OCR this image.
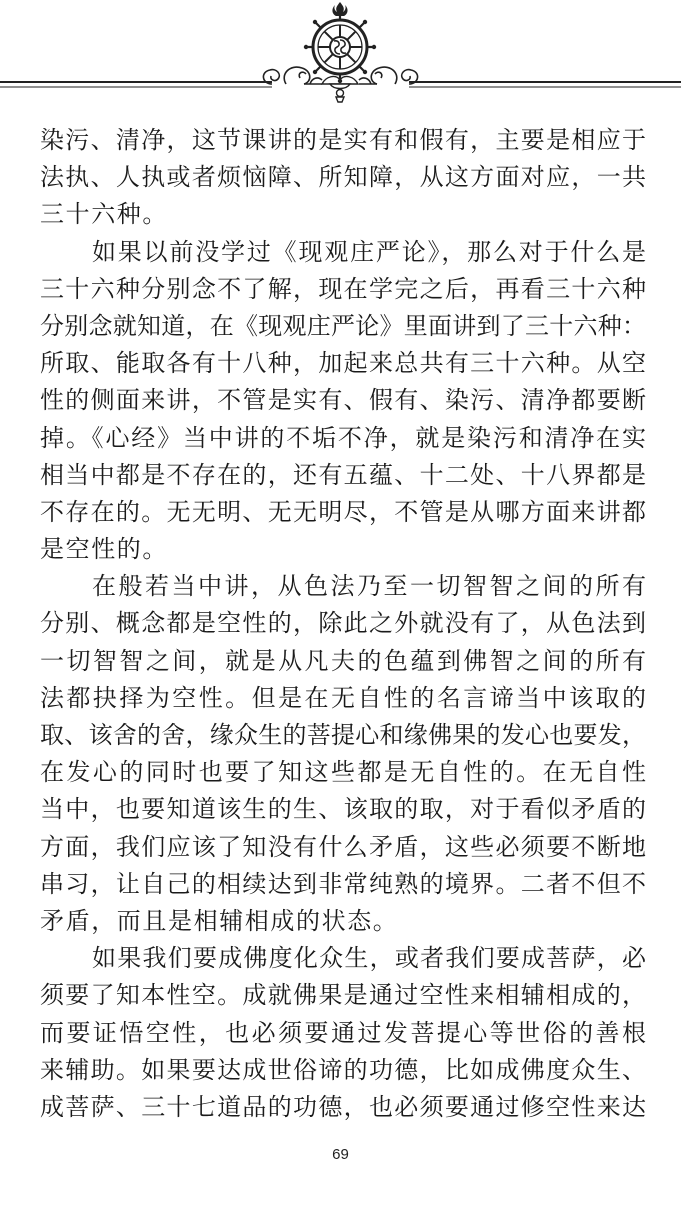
染污、清净，这节课讲的是实有和假有，主要是相应于
法执、人执或者烦恼障、所知障，从这方面对应，一共
三十六种。
如果以前没学过《现观庄严论》，那么对于什么是
三十六种分别念不了解，现在学完之后，再看三十六种
分别念就知道，在《现观庄严论》里面讲到了三十六种：
所取、能取各有十八种，加起来总共有三十六种。从空
性的侧面来讲，不管是实有、假有、染污、清净都要断
掉。《心经》当中讲的不垢不净，就是染污和清净在实
相当中都是不存在的，还有五蕴、十二处、十八界都是
不存在的。无无明、无无明尽，不管是从哪方面来讲都
是空性的。
在般若当中讲，从色法乃至一切智智之间的所有
分别、概念都是空性的，除此之外就没有了，从色法到
一切智智之间，就是从凡夫的色蕴到佛智之间的所有
法都抉择为空性。但是在无自性的名言谛当中该取的
取、该舍的舍，缘众生的菩提心和缘佛果的发心也要发，
在发心的同时也要了知这些都是无自性的。在无自性
当中，也要知道该生的生、该取的取，对于看似矛盾的
方面，我们应该了知没有什么矛盾，这些必须要不断地
串习，让自己的相续达到非常纯熟的境界。二者不但不
矛盾，而且是相辅相成的状态。
如果我们要成佛度化众生，或者我们要成菩萨，必
须要了知本性空。成就佛果是通过空性来相辅相成的，
而要证悟空性，也必须要通过发菩提心等世俗的善根
来辅助。如果要达成世俗谛的功德，比如成佛度众生、
成菩萨、三十七道品的功德，也必须要通过修空性来达
69
